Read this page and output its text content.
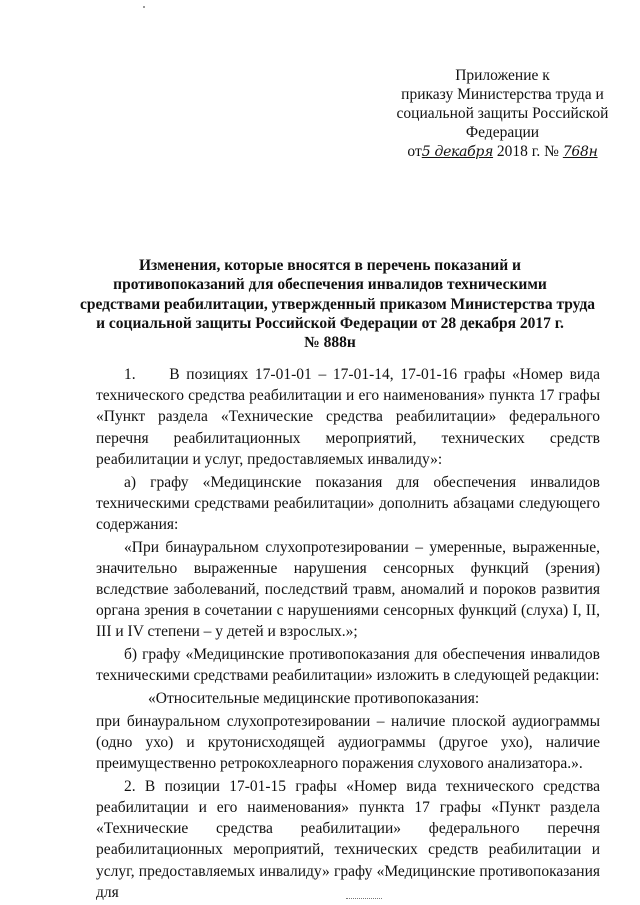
Приложение к
приказу Министерства труда и
социальной защиты Российской
Федерации
от5 декабря 2018 г. № 768н
Изменения, которые вносятся в перечень показаний и
противопоказаний для обеспечения инвалидов техническими
средствами реабилитации, утвержденный приказом Министерства труда
и социальной защиты Российской Федерации от 28 декабря 2017 г.
№ 888н

1.     В позициях 17-01-01 – 17-01-14, 17-01-16 графы «Номер вида технического средства реабилитации и его наименования» пункта 17 графы «Пункт раздела «Технические средства реабилитации» федерального перечня реабилитационных мероприятий, технических средств реабилитации и услуг, предоставляемых инвалиду»:

а) графу «Медицинские показания для обеспечения инвалидов техническими средствами реабилитации» дополнить абзацами следующего содержания:

«При бинауральном слухопротезировании – умеренные, выраженные, значительно выраженные нарушения сенсорных функций (зрения) вследствие заболеваний, последствий травм, аномалий и пороков развития органа зрения в сочетании с нарушениями сенсорных функций (слуха) I, II, III и IV степени – у детей и взрослых.»;

б) графу «Медицинские противопоказания для обеспечения инвалидов техническими средствами реабилитации» изложить в следующей редакции:

«Относительные медицинские противопоказания:

при бинауральном слухопротезировании – наличие плоской аудиограммы (одно ухо) и крутонисходящей аудиограммы (другое ухо), наличие преимущественно ретрокохлеарного поражения слухового анализатора.».

2. В позиции 17-01-15 графы «Номер вида технического средства реабилитации и его наименования» пункта 17 графы «Пункт раздела «Технические средства реабилитации» федерального перечня реабилитационных мероприятий, технических средств реабилитации и услуг, предоставляемых инвалиду» графу «Медицинские противопоказания для
